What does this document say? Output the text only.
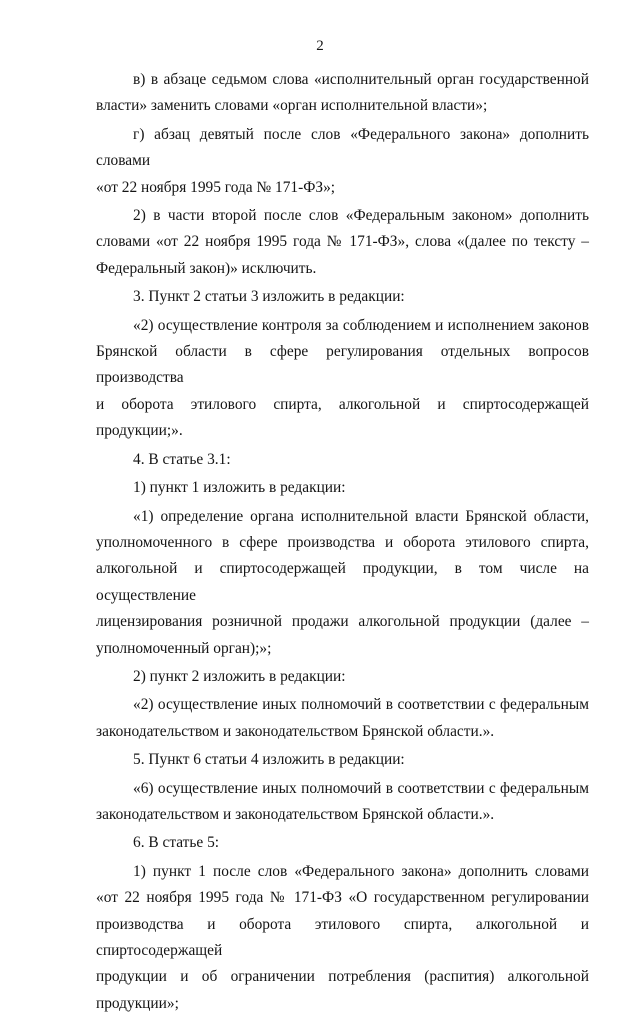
2

в) в абзаце седьмом слова «исполнительный орган государственной

власти» заменить словами «орган исполнительной власти»;

г) абзац девятый после слов «Федерального закона» дополнить словами

«от 22 ноября 1995 года № 171-ФЗ»;

2) в части второй после слов «Федеральным законом» дополнить

словами «от 22 ноября 1995 года № 171-ФЗ», слова «(далее по тексту –

Федеральный закон)» исключить.

3. Пункт 2 статьи 3 изложить в редакции:

«2) осуществление контроля за соблюдением и исполнением законов

Брянской области в сфере регулирования отдельных вопросов производства

и оборота этилового спирта, алкогольной и спиртосодержащей продукции;».

4. В статье 3.1:

1) пункт 1 изложить в редакции:

«1) определение органа исполнительной власти Брянской области,

уполномоченного в сфере производства и оборота этилового спирта,

алкогольной и спиртосодержащей продукции, в том числе на осуществление

лицензирования розничной продажи алкогольной продукции (далее –

уполномоченный орган);»;

2) пункт 2 изложить в редакции:

«2) осуществление иных полномочий в соответствии с федеральным

законодательством и законодательством Брянской области.».

5. Пункт 6 статьи 4 изложить в редакции:

«6) осуществление иных полномочий в соответствии с федеральным

законодательством и законодательством Брянской области.».

6. В статье 5:

1) пункт 1 после слов «Федерального закона» дополнить словами

«от 22 ноября 1995 года № 171-ФЗ «О государственном регулировании

производства и оборота этилового спирта, алкогольной и спиртосодержащей

продукции и об ограничении потребления (распития) алкогольной

продукции»;
